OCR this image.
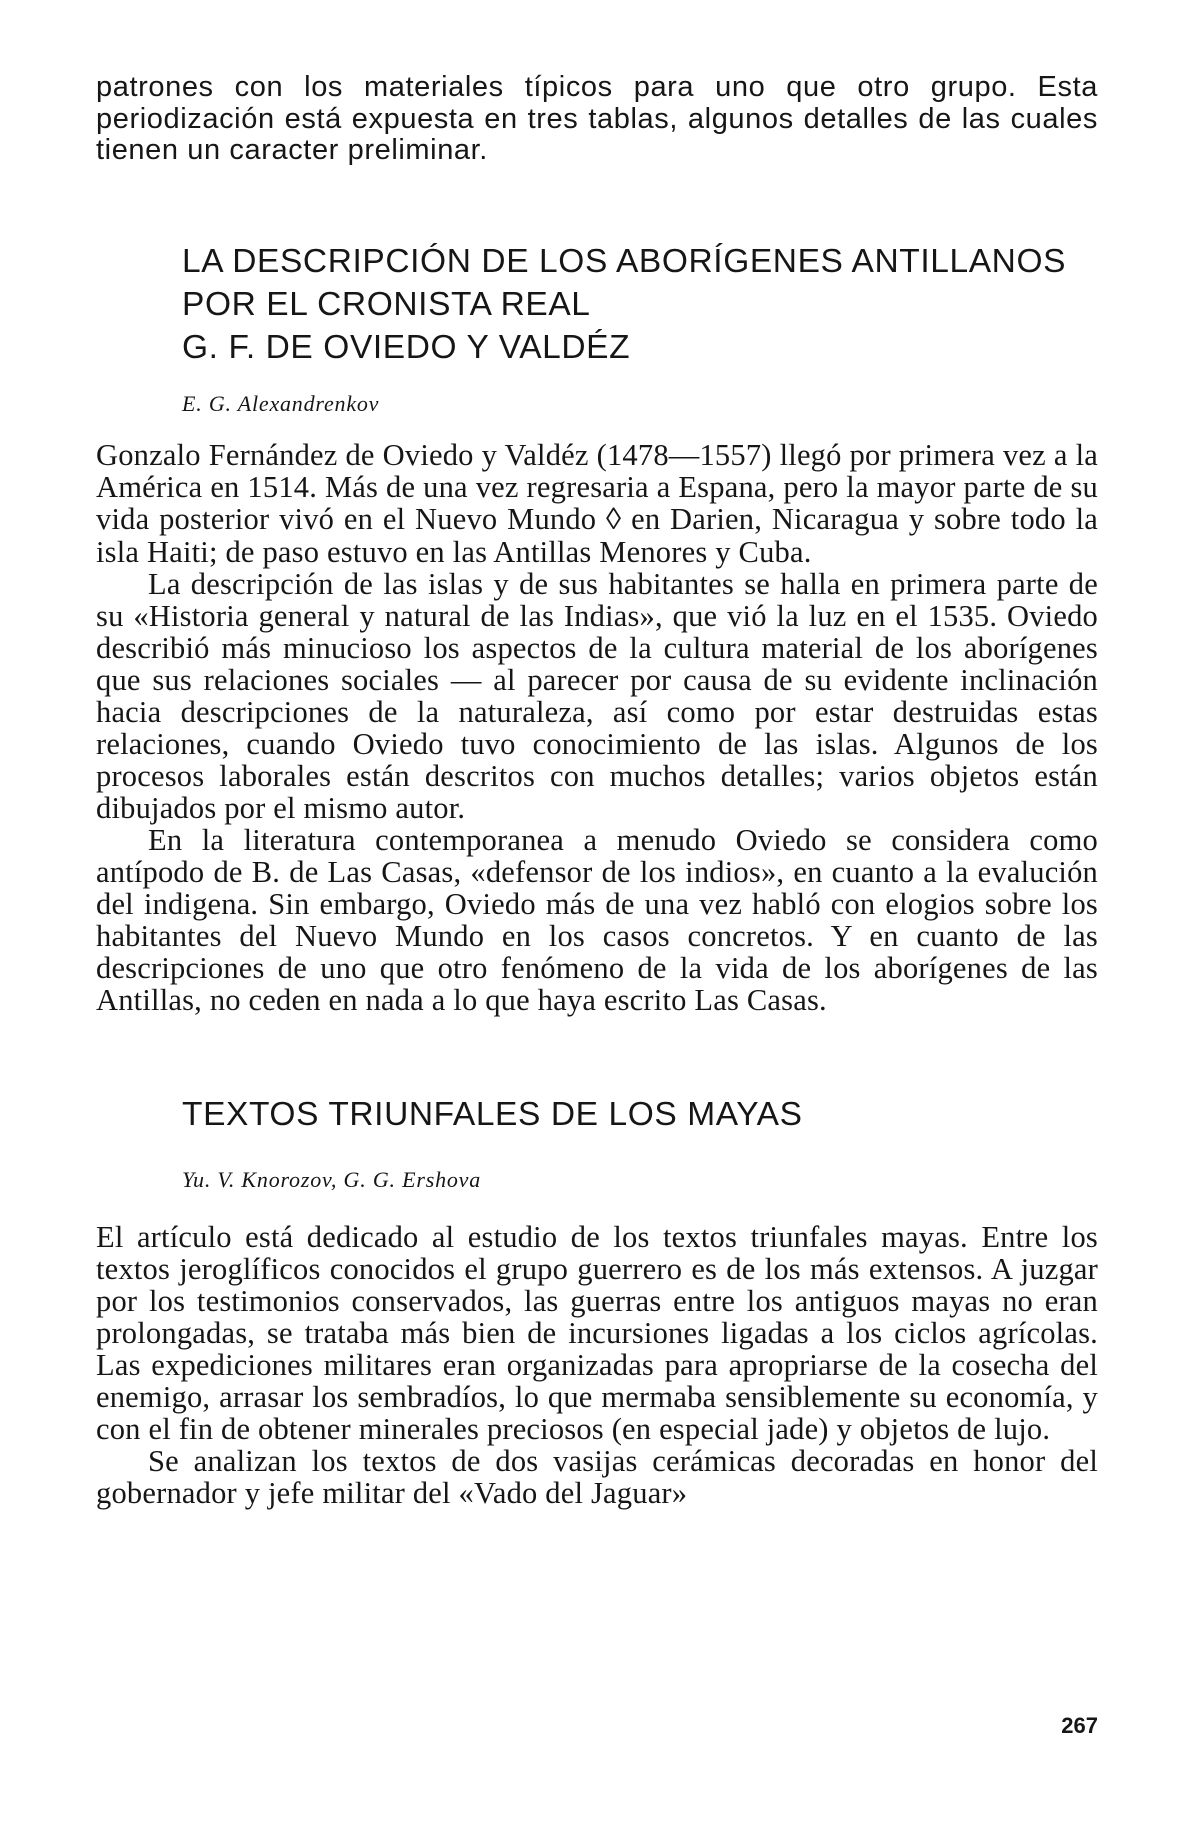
patrones con los materiales típicos para uno que otro grupo. Esta periodización está expuesta en tres tablas, algunos detalles de las cuales tienen un caracter preliminar.

LA DESCRIPCIÓN DE LOS ABORÍGENES ANTILLANOS
POR EL CRONISTA REAL
G. F. DE OVIEDO Y VALDÉZ

E. G. Alexandrenkov

Gonzalo Fernández de Oviedo y Valdéz (1478—1557) llegó por primera vez a la América en 1514. Más de una vez regresaria a Espana, pero la mayor parte de su vida posterior vivó en el Nuevo Mundo ◊ en Darien, Nicaragua y sobre todo la isla Haiti; de paso estuvo en las Antillas Menores y Cuba.

La descripción de las islas y de sus habitantes se halla en primera parte de su «Historia general y natural de las Indias», que vió la luz en el 1535. Oviedo describió más minucioso los aspectos de la cultura material de los aborígenes que sus relaciones sociales — al parecer por causa de su evidente inclinación hacia descripciones de la naturaleza, así como por estar destruidas estas relaciones, cuando Oviedo tuvo conocimiento de las islas. Algunos de los procesos laborales están descritos con muchos detalles; varios objetos están dibujados por el mismo autor.

En la literatura contemporanea a menudo Oviedo se considera como antípodo de B. de Las Casas, «defensor de los indios», en cuanto a la evalución del indigena. Sin embargo, Oviedo más de una vez habló con elogios sobre los habitantes del Nuevo Mundo en los casos concretos. Y en cuanto de las descripciones de uno que otro fenómeno de la vida de los aborígenes de las Antillas, no ceden en nada a lo que haya escrito Las Casas.

TEXTOS TRIUNFALES DE LOS MAYAS

Yu. V. Knorozov, G. G. Ershova

El artículo está dedicado al estudio de los textos triunfales mayas. Entre los textos jeroglíficos conocidos el grupo guerrero es de los más extensos. A juzgar por los testimonios conservados, las guerras entre los antiguos mayas no eran prolongadas, se trataba más bien de incursiones ligadas a los ciclos agrícolas. Las expediciones militares eran organizadas para apropriarse de la cosecha del enemigo, arrasar los sembradíos, lo que mermaba sensiblemente su economía, y con el fin de obtener minerales preciosos (en especial jade) y objetos de lujo.

Se analizan los textos de dos vasijas cerámicas decoradas en honor del gobernador y jefe militar del «Vado del Jaguar»

267
